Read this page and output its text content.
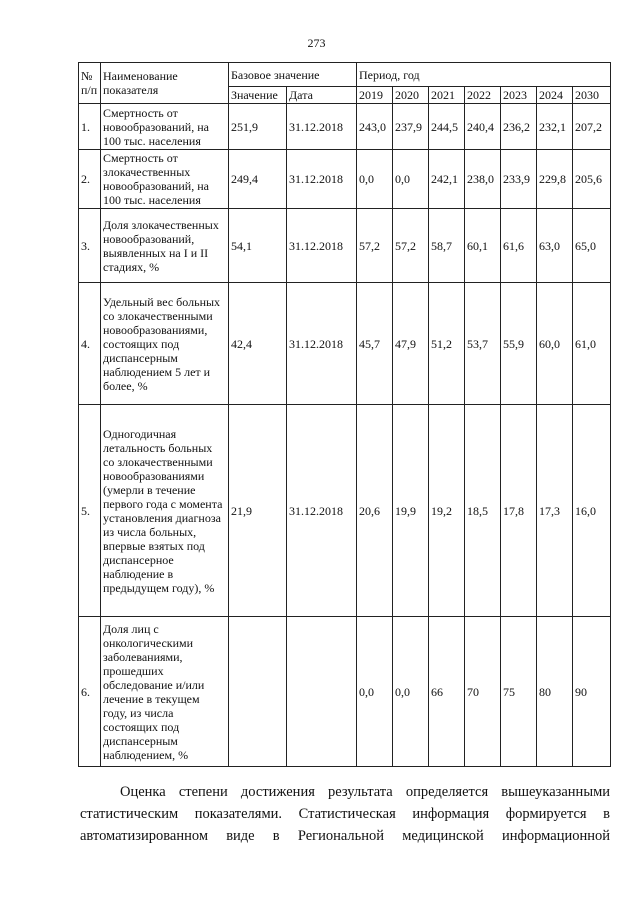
273
№ п/п	Наименование показателя	Базовое значение		Период, год						
		Значение	Дата	2019	2020	2021	2022	2023	2024	2030
1.	Смертность от новообразований, на 100 тыс. населения	251,9	31.12.2018	243,0	237,9	244,5	240,4	236,2	232,1	207,2
2.	Смертность от злокачественных новообразований, на 100 тыс. населения	249,4	31.12.2018	0,0	0,0	242,1	238,0	233,9	229,8	205,6
3.	Доля злокачественных новообразований, выявленных на I и II стадиях, %	54,1	31.12.2018	57,2	57,2	58,7	60,1	61,6	63,0	65,0
4.	Удельный вес больных со злокачественными новообразованиями, состоящих под диспансерным наблюдением 5 лет и более, %	42,4	31.12.2018	45,7	47,9	51,2	53,7	55,9	60,0	61,0
5.	Одногодичная летальность больных со злокачественными новообразованиями (умерли в течение первого года с момента установления диагноза из числа больных, впервые взятых под диспансерное наблюдение в предыдущем году), %	21,9	31.12.2018	20,6	19,9	19,2	18,5	17,8	17,3	16,0
6.	Доля лиц с онкологическими заболеваниями, прошедших обследование и/или лечение в текущем году, из числа состоящих под диспансерным наблюдением, %			0,0	0,0	66	70	75	80	90
Оценка степени достижения результата определяется вышеуказанными
статистическим показателями. Статистическая информация формируется в
автоматизированном виде в Региональной медицинской информационной
